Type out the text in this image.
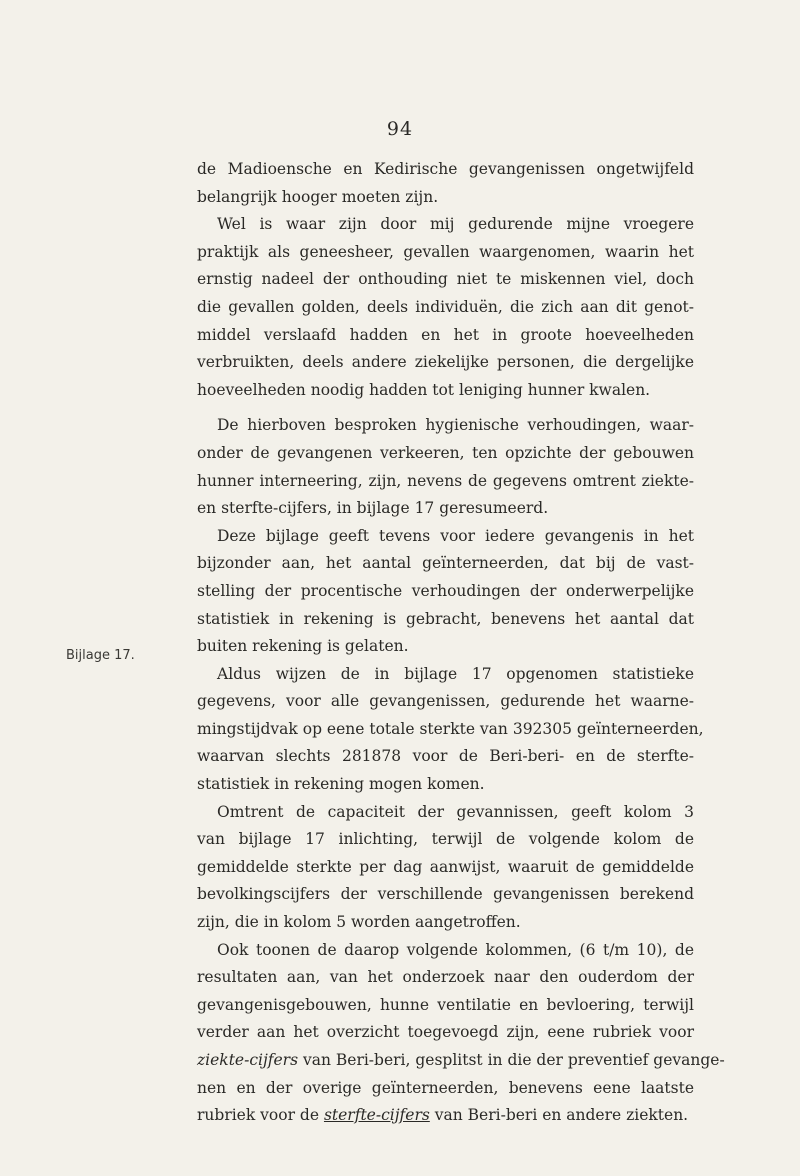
94
Bijlage 17.
de Madioensche en Kedirische gevangenissen ongetwijfeld
belangrijk hooger moeten zijn.
Wel is waar zijn door mij gedurende mijne vroegere
praktijk als geneesheer, gevallen waargenomen, waarin het
ernstig nadeel der onthouding niet te miskennen viel, doch
die gevallen golden, deels individuën, die zich aan dit genot-
middel verslaafd hadden en het in groote hoeveelheden
verbruikten, deels andere ziekelijke personen, die dergelijke
hoeveelheden noodig hadden tot leniging hunner kwalen.
De hierboven besproken hygienische verhoudingen, waar-
onder de gevangenen verkeeren, ten opzichte der gebouwen
hunner interneering, zijn, nevens de gegevens omtrent ziekte-
en sterfte-cijfers, in bijlage 17 geresumeerd.
Deze bijlage geeft tevens voor iedere gevangenis in het
bijzonder aan, het aantal geïnterneerden, dat bij de vast-
stelling der procentische verhoudingen der onderwerpelijke
statistiek in rekening is gebracht, benevens het aantal dat
buiten rekening is gelaten.
Aldus wijzen de in bijlage 17 opgenomen statistieke
gegevens, voor alle gevangenissen, gedurende het waarne-
mingstijdvak op eene totale sterkte van 392305 geïnterneerden,
waarvan slechts 281878 voor de Beri-beri- en de sterfte-
statistiek in rekening mogen komen.
Omtrent de capaciteit der gevannissen, geeft kolom 3
van bijlage 17 inlichting, terwijl de volgende kolom de
gemiddelde sterkte per dag aanwijst, waaruit de gemiddelde
bevolkingscijfers der verschillende gevangenissen berekend
zijn, die in kolom 5 worden aangetroffen.
Ook toonen de daarop volgende kolommen, (6 t/m 10), de
resultaten aan, van het onderzoek naar den ouderdom der
gevangenisgebouwen, hunne ventilatie en bevloering, terwijl
verder aan het overzicht toegevoegd zijn, eene rubriek voor
ziekte-cijfers van Beri-beri, gesplitst in die der preventief gevange-
nen en der overige geïnterneerden, benevens eene laatste
rubriek voor de sterfte-cijfers van Beri-beri en andere ziekten.
